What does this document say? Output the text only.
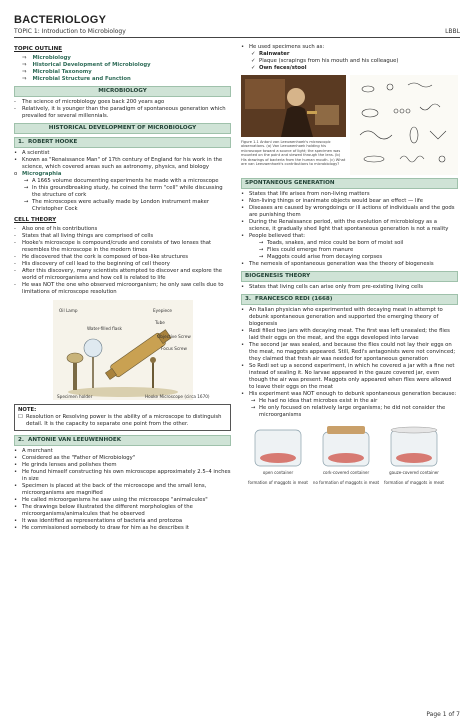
BACTERIOLOGY
TOPIC 1: Introduction to Microbiology	LBBL
TOPIC OUTLINE
⇒ Microbiology
⇒ Historical Development of Microbiology
⇒ Microbial Taxonomy
⇒ Microbial Structure and Function
MICROBIOLOGY
-	The science of microbiology goes back 200 years ago
-	Relatively, it is younger than the paradigm of spontaneous generation which prevailed for several millennials.
HISTORICAL DEVELOPMENT OF MICROBIOLOGY
1. ROBERT HOOKE
• A scientist
• Known as "Renaissance Man" of 17th century of England for his work in the science, which covered areas such as astronomy, physics, and biology
o Micrographia
→ A 1665 volume documenting experiments he made with a microscope
→ In this groundbreaking study, he coined the term "cell" while discussing the structure of cork
→ The microscopes were actually made by London instrument maker Christopher Cock
CELL THEORY
-	Also one of his contributions
-	States that all living things are comprised of cells
-	Hooke's microscope is compound/crude and consists of two lenses that resembles the microscope in the modern times
-	He discovered that the cork is composed of box-like structures
-	His discovery of cell lead to the beginning of cell theory
-	After this discovery, many scientists attempted to discover and explore the world of microorganisms and how cell is related to life
-	He was NOT the one who observed microorganism; he only saw cells due to limitations of microscope resolution
Oil Lamp
Water-filled flask
Eyepiece
Tube
Objective Screw
Focus Screw
Specimen holder	Hooke Microscope (circa 1670)
NOTE:
☐ Resolution or Resolving power is the ability of a microscope to distinguish detail. It is the capacity to separate one point from the other.
2. ANTONIE VAN LEEUWENHOEK
• A merchant
• Considered as the "Father of Microbiology"
• He grinds lenses and polishes them
• He found himself constructing his own microscope approximately 2.5–4 inches in size
• Specimen is placed at the back of the microscope and the small lens, microorganisms are magnified
• He called microorganisms he saw using the microscope "animalcules"
• The drawings below illustrated the different morphologies of the microorganisms/animalcules that he observed
• It was identified as representations of bacteria and protozoa
• He commissioned somebody to draw for him as he describes it
• He used specimens such as:
✓ Rainwater
✓ Plaque (scrapings from his mouth and his colleague)
✓ Own feces/stool
Figure 1.1 Antoni van Leeuwenhoek's microscopic observations. (a) Van Leeuwenhoek holding his microscope toward a source of light; the specimen was mounted on the point and viewed through the lens. (b) His drawings of bacteria from the human mouth. (c) What are van Leeuwenhoek's contributions to microbiology?
SPONTANEOUS GENERATION
• States that life arises from non-living matters
• Non-living things or inanimate objects would bear an effect — life
• Diseases are caused by wrongdoings or ill actions of individuals and the gods are punishing them
• During the Renaissance period, with the evolution of microbiology as a science, it gradually shed light that spontaneous generation is not a reality
• People believed that:
→ Toads, snakes, and mice could be born of moist soil
→ Flies could emerge from manure
→ Maggots could arise from decaying corpses
• The nemesis of spontaneous generation was the theory of biogenesis
BIOGENESIS THEORY
• States that living cells can arise only from pre-existing living cells
3. FRANCESCO REDI (1668)
• An Italian physician who experimented with decaying meat in attempt to debunk spontaneous generation and supported the emerging theory of biogenesis
• Redi filled two jars with decaying meat. The first was left unsealed; the flies laid their eggs on the meat, and the eggs developed into larvae
• The second jar was sealed, and because the flies could not lay their eggs on the meat, no maggots appeared. Still, Redi's antagonists were not convinced; they claimed that fresh air was needed for spontaneous generation
• So Redi set up a second experiment, in which he covered a jar with a fine net instead of sealing it. No larvae appeared in the gauze covered jar, even though the air was present. Maggots only appeared when flies were allowed to leave their eggs on the meat
• His experiment was NOT enough to debunk spontaneous generation because:
→ He had no idea that microbes exist in the air
→ He only focused on relatively large organisms; he did not consider the microorganisms
open container	cork-covered container	gauze-covered container
formation of maggots in meat no formation of maggots in meat formation of maggots in meat
Page 1 of 7
